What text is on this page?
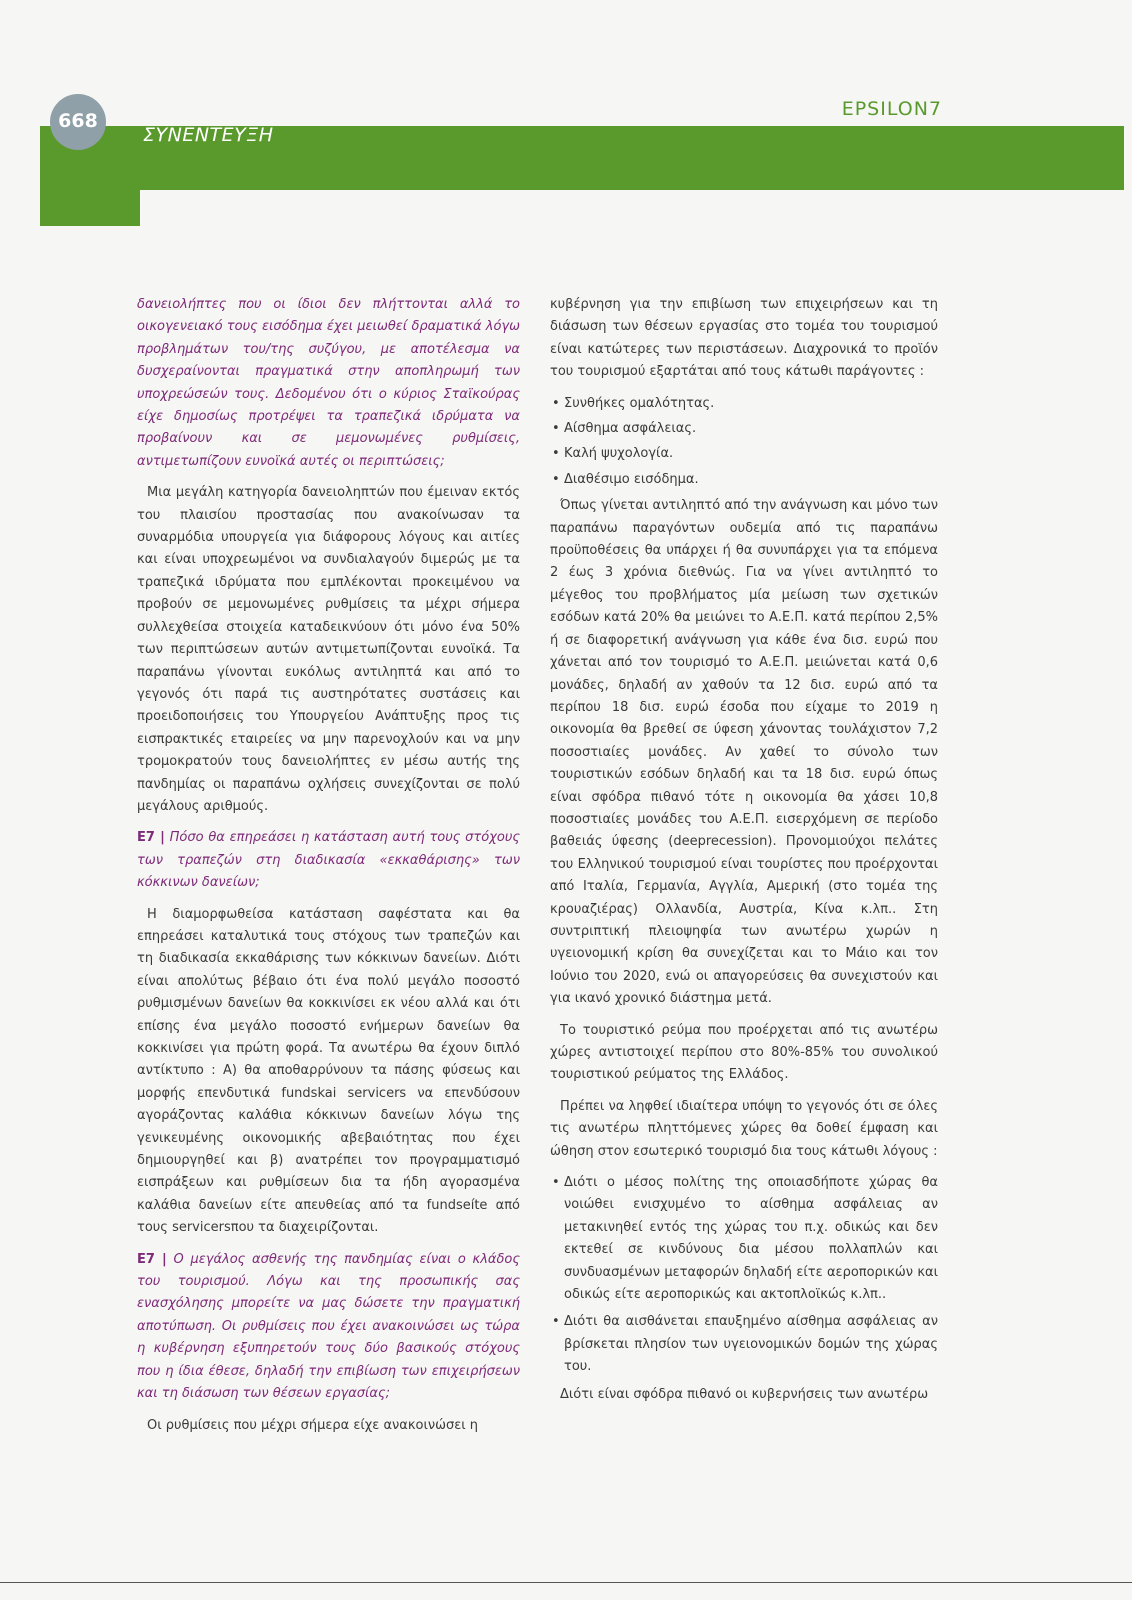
668
ΣΥΝΕΝΤΕΥΞΗ
EPSILON7

δανειολήπτες που οι ίδιοι δεν πλήττονται αλλά το οικογενειακό τους εισόδημα έχει μειωθεί δραματικά λόγω προβλημάτων του/της συζύγου, με αποτέλεσμα να δυσχεραίνονται πραγματικά στην αποπληρωμή των υποχρεώσεών τους. Δεδομένου ότι ο κύριος Σταϊκούρας είχε δημοσίως προτρέψει τα τραπεζικά ιδρύματα να προβαίνουν και σε μεμονωμένες ρυθμίσεις, αντιμετωπίζουν ευνοϊκά αυτές οι περιπτώσεις;

Μια μεγάλη κατηγορία δανειοληπτών που έμειναν εκτός του πλαισίου προστασίας που ανακοίνωσαν τα συναρμόδια υπουργεία για διάφορους λόγους και αιτίες και είναι υποχρεωμένοι να συνδιαλαγούν διμερώς με τα τραπεζικά ιδρύματα που εμπλέκονται προκειμένου να προβούν σε μεμονωμένες ρυθμίσεις τα μέχρι σήμερα συλλεχθείσα στοιχεία καταδεικνύουν ότι μόνο ένα 50% των περιπτώσεων αυτών αντιμετωπίζονται ευνοϊκά. Τα παραπάνω γίνονται ευκόλως αντιληπτά και από το γεγονός ότι παρά τις αυστηρότατες συστάσεις και προειδοποιήσεις του Υπουργείου Ανάπτυξης προς τις εισπρακτικές εταιρείες να μην παρενοχλούν και να μην τρομοκρατούν τους δανειολήπτες εν μέσω αυτής της πανδημίας οι παραπάνω οχλήσεις συνεχίζονται σε πολύ μεγάλους αριθμούς.

Ε7 | Πόσο θα επηρεάσει η κατάσταση αυτή τους στόχους των τραπεζών στη διαδικασία «εκκαθάρισης» των κόκκινων δανείων;

Η διαμορφωθείσα κατάσταση σαφέστατα και θα επηρεάσει καταλυτικά τους στόχους των τραπεζών και τη διαδικασία εκκαθάρισης των κόκκινων δανείων. Διότι είναι απολύτως βέβαιο ότι ένα πολύ μεγάλο ποσοστό ρυθμισμένων δανείων θα κοκκινίσει εκ νέου αλλά και ότι επίσης ένα μεγάλο ποσοστό ενήμερων δανείων θα κοκκινίσει για πρώτη φορά. Τα ανωτέρω θα έχουν διπλό αντίκτυπο : Α) θα αποθαρρύνουν τα πάσης φύσεως και μορφής επενδυτικά fundskai servicers να επενδύσουν αγοράζοντας καλάθια κόκκινων δανείων λόγω της γενικευμένης οικονομικής αβεβαιότητας που έχει δημιουργηθεί και β) ανατρέπει τον προγραμματισμό εισπράξεων και ρυθμίσεων δια τα ήδη αγορασμένα καλάθια δανείων είτε απευθείας από τα fundseíte από τους servicersπου τα διαχειρίζονται.

Ε7 | Ο μεγάλος ασθενής της πανδημίας είναι ο κλάδος του τουρισμού. Λόγω και της προσωπικής σας ενασχόλησης μπορείτε να μας δώσετε την πραγματική αποτύπωση. Οι ρυθμίσεις που έχει ανακοινώσει ως τώρα η κυβέρνηση εξυπηρετούν τους δύο βασικούς στόχους που η ίδια έθεσε, δηλαδή την επιβίωση των επιχειρήσεων και τη διάσωση των θέσεων εργασίας;

Οι ρυθμίσεις που μέχρι σήμερα είχε ανακοινώσει η

κυβέρνηση για την επιβίωση των επιχειρήσεων και τη διάσωση των θέσεων εργασίας στο τομέα του τουρισμού είναι κατώτερες των περιστάσεων. Διαχρονικά το προϊόν του τουρισμού εξαρτάται από τους κάτωθι παράγοντες :

• Συνθήκες ομαλότητας.
• Αίσθημα ασφάλειας.
• Καλή ψυχολογία.
• Διαθέσιμο εισόδημα.

Όπως γίνεται αντιληπτό από την ανάγνωση και μόνο των παραπάνω παραγόντων ουδεμία από τις παραπάνω προϋποθέσεις θα υπάρχει ή θα συνυπάρχει για τα επόμενα 2 έως 3 χρόνια διεθνώς. Για να γίνει αντιληπτό το μέγεθος του προβλήματος μία μείωση των σχετικών εσόδων κατά 20% θα μειώνει το Α.Ε.Π. κατά περίπου 2,5% ή σε διαφορετική ανάγνωση για κάθε ένα δισ. ευρώ που χάνεται από τον τουρισμό το Α.Ε.Π. μειώνεται κατά 0,6 μονάδες, δηλαδή αν χαθούν τα 12 δισ. ευρώ από τα περίπου 18 δισ. ευρώ έσοδα που είχαμε το 2019 η οικονομία θα βρεθεί σε ύφεση χάνοντας τουλάχιστον 7,2 ποσοστιαίες μονάδες. Αν χαθεί το σύνολο των τουριστικών εσόδων δηλαδή και τα 18 δισ. ευρώ όπως είναι σφόδρα πιθανό τότε η οικονομία θα χάσει 10,8 ποσοστιαίες μονάδες του Α.Ε.Π. εισερχόμενη σε περίοδο βαθειάς ύφεσης (deeprecession). Προνομιούχοι πελάτες του Ελληνικού τουρισμού είναι τουρίστες που προέρχονται από Ιταλία, Γερμανία, Αγγλία, Αμερική (στο τομέα της κρουαζιέρας) Ολλανδία, Αυστρία, Κίνα κ.λπ.. Στη συντριπτική πλειοψηφία των ανωτέρω χωρών η υγειονομική κρίση θα συνεχίζεται και το Μάιο και τον Ιούνιο του 2020, ενώ οι απαγορεύσεις θα συνεχιστούν και για ικανό χρονικό διάστημα μετά.

Το τουριστικό ρεύμα που προέρχεται από τις ανωτέρω χώρες αντιστοιχεί περίπου στο 80%-85% του συνολικού τουριστικού ρεύματος της Ελλάδος.

Πρέπει να ληφθεί ιδιαίτερα υπόψη το γεγονός ότι σε όλες τις ανωτέρω πληττόμενες χώρες θα δοθεί έμφαση και ώθηση στον εσωτερικό τουρισμό δια τους κάτωθι λόγους :

• Διότι ο μέσος πολίτης της οποιασδήποτε χώρας θα νοιώθει ενισχυμένο το αίσθημα ασφάλειας αν μετακινηθεί εντός της χώρας του π.χ. οδικώς και δεν εκτεθεί σε κινδύνους δια μέσου πολλαπλών και συνδυασμένων μεταφορών δηλαδή είτε αεροπορικών και οδικώς είτε αεροπορικώς και ακτοπλοϊκώς κ.λπ..
• Διότι θα αισθάνεται επαυξημένο αίσθημα ασφάλειας αν βρίσκεται πλησίον των υγειονομικών δομών της χώρας του.

Διότι είναι σφόδρα πιθανό οι κυβερνήσεις των ανωτέρω
